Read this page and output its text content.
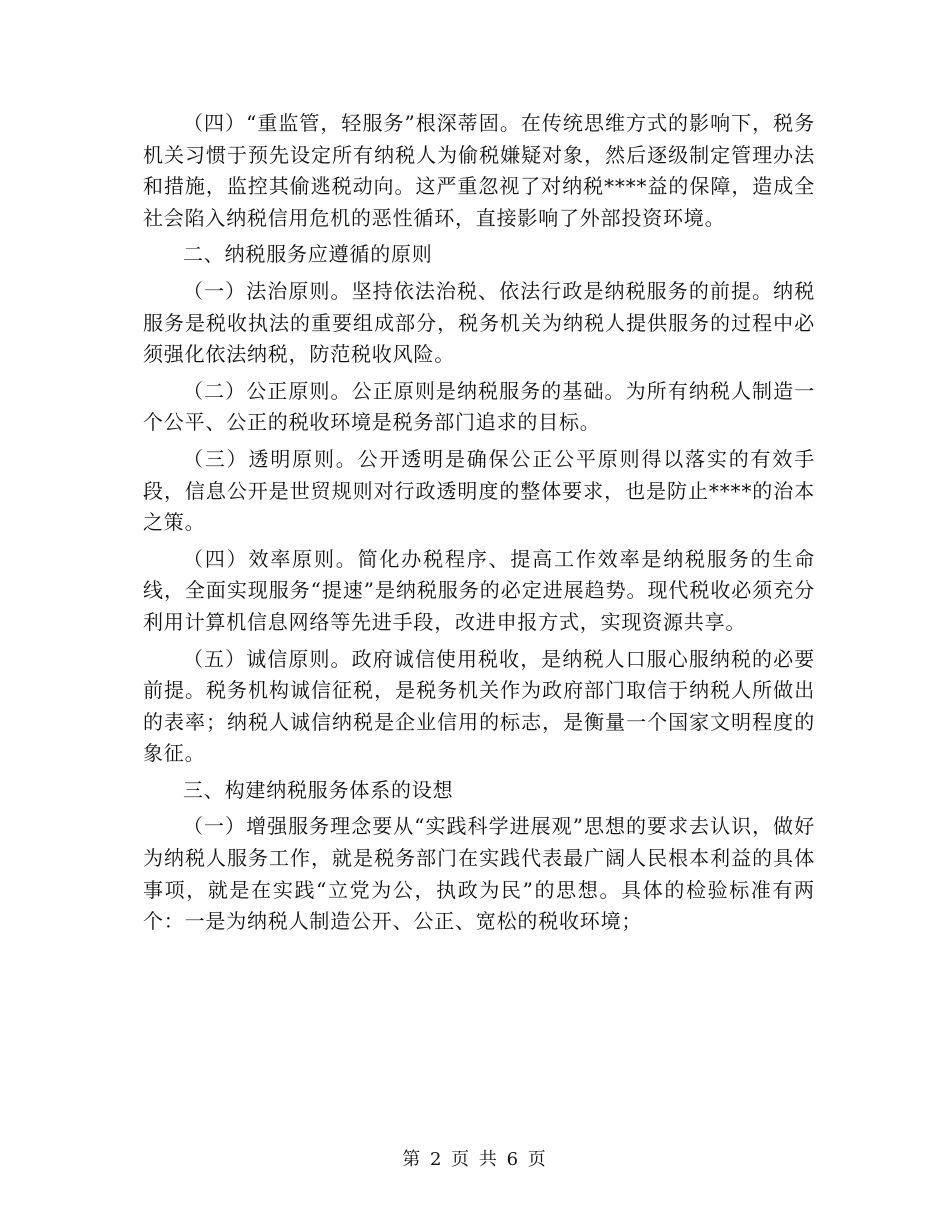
（四）“重监管，轻服务”根深蒂固。在传统思维方式的影响下，税务机关习惯于预先设定所有纳税人为偷税嫌疑对象，然后逐级制定管理办法和措施，监控其偷逃税动向。这严重忽视了对纳税****益的保障，造成全社会陷入纳税信用危机的恶性循环，直接影响了外部投资环境。

二、纳税服务应遵循的原则

（一）法治原则。坚持依法治税、依法行政是纳税服务的前提。纳税服务是税收执法的重要组成部分，税务机关为纳税人提供服务的过程中必须强化依法纳税，防范税收风险。

（二）公正原则。公正原则是纳税服务的基础。为所有纳税人制造一个公平、公正的税收环境是税务部门追求的目标。

（三）透明原则。公开透明是确保公正公平原则得以落实的有效手段，信息公开是世贸规则对行政透明度的整体要求，也是防止****的治本之策。

（四）效率原则。简化办税程序、提高工作效率是纳税服务的生命线，全面实现服务“提速”是纳税服务的必定进展趋势。现代税收必须充分利用计算机信息网络等先进手段，改进申报方式，实现资源共享。

（五）诚信原则。政府诚信使用税收，是纳税人口服心服纳税的必要前提。税务机构诚信征税，是税务机关作为政府部门取信于纳税人所做出的表率；纳税人诚信纳税是企业信用的标志，是衡量一个国家文明程度的象征。

三、构建纳税服务体系的设想

（一）增强服务理念要从“实践科学进展观”思想的要求去认识，做好为纳税人服务工作，就是税务部门在实践代表最广阔人民根本利益的具体事项，就是在实践“立党为公，执政为民”的思想。具体的检验标准有两个：一是为纳税人制造公开、公正、宽松的税收环境；

第 2 页 共 6 页
